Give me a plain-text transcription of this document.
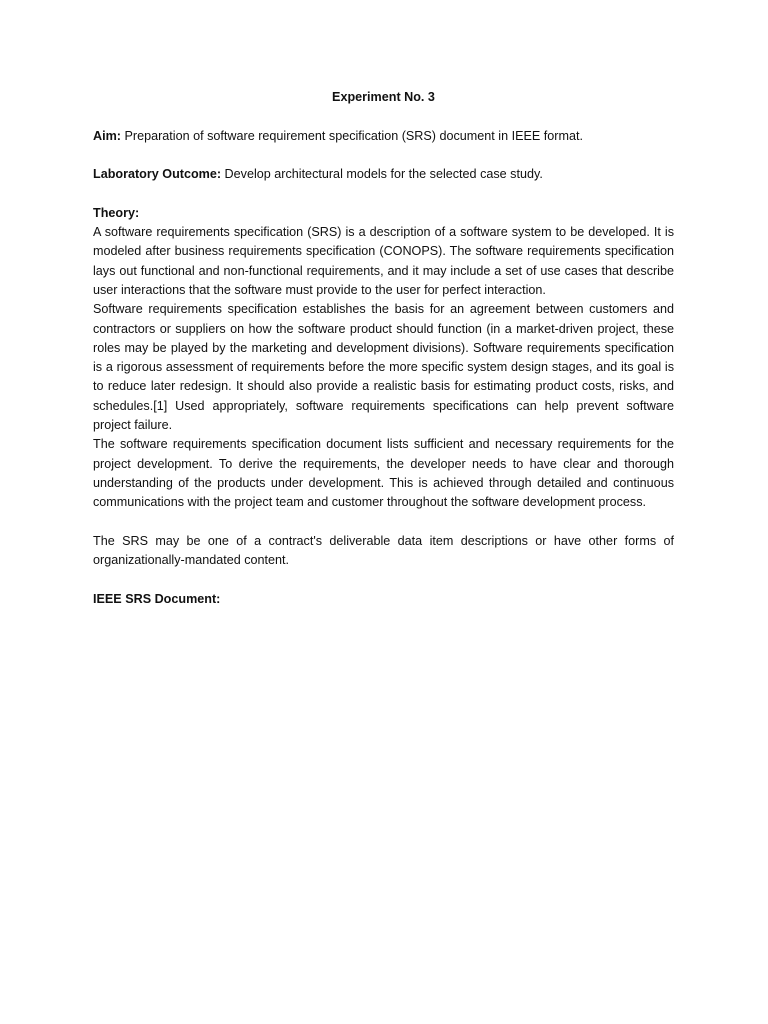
Experiment No. 3

Aim: Preparation of software requirement specification (SRS) document in IEEE format.

Laboratory Outcome: Develop architectural models for the selected case study.

Theory:

A software requirements specification (SRS) is a description of a software system to be developed. It is modeled after business requirements specification (CONOPS). The software requirements specification lays out functional and non-functional requirements, and it may include a set of use cases that describe user interactions that the software must provide to the user for perfect interaction.

Software requirements specification establishes the basis for an agreement between customers and contractors or suppliers on how the software product should function (in a market-driven project, these roles may be played by the marketing and development divisions). Software requirements specification is a rigorous assessment of requirements before the more specific system design stages, and its goal is to reduce later redesign. It should also provide a realistic basis for estimating product costs, risks, and schedules.[1] Used appropriately, software requirements specifications can help prevent software project failure.

The software requirements specification document lists sufficient and necessary requirements for the project development. To derive the requirements, the developer needs to have clear and thorough understanding of the products under development. This is achieved through detailed and continuous communications with the project team and customer throughout the software development process.

The SRS may be one of a contract's deliverable data item descriptions or have other forms of organizationally-mandated content.

IEEE SRS Document:
